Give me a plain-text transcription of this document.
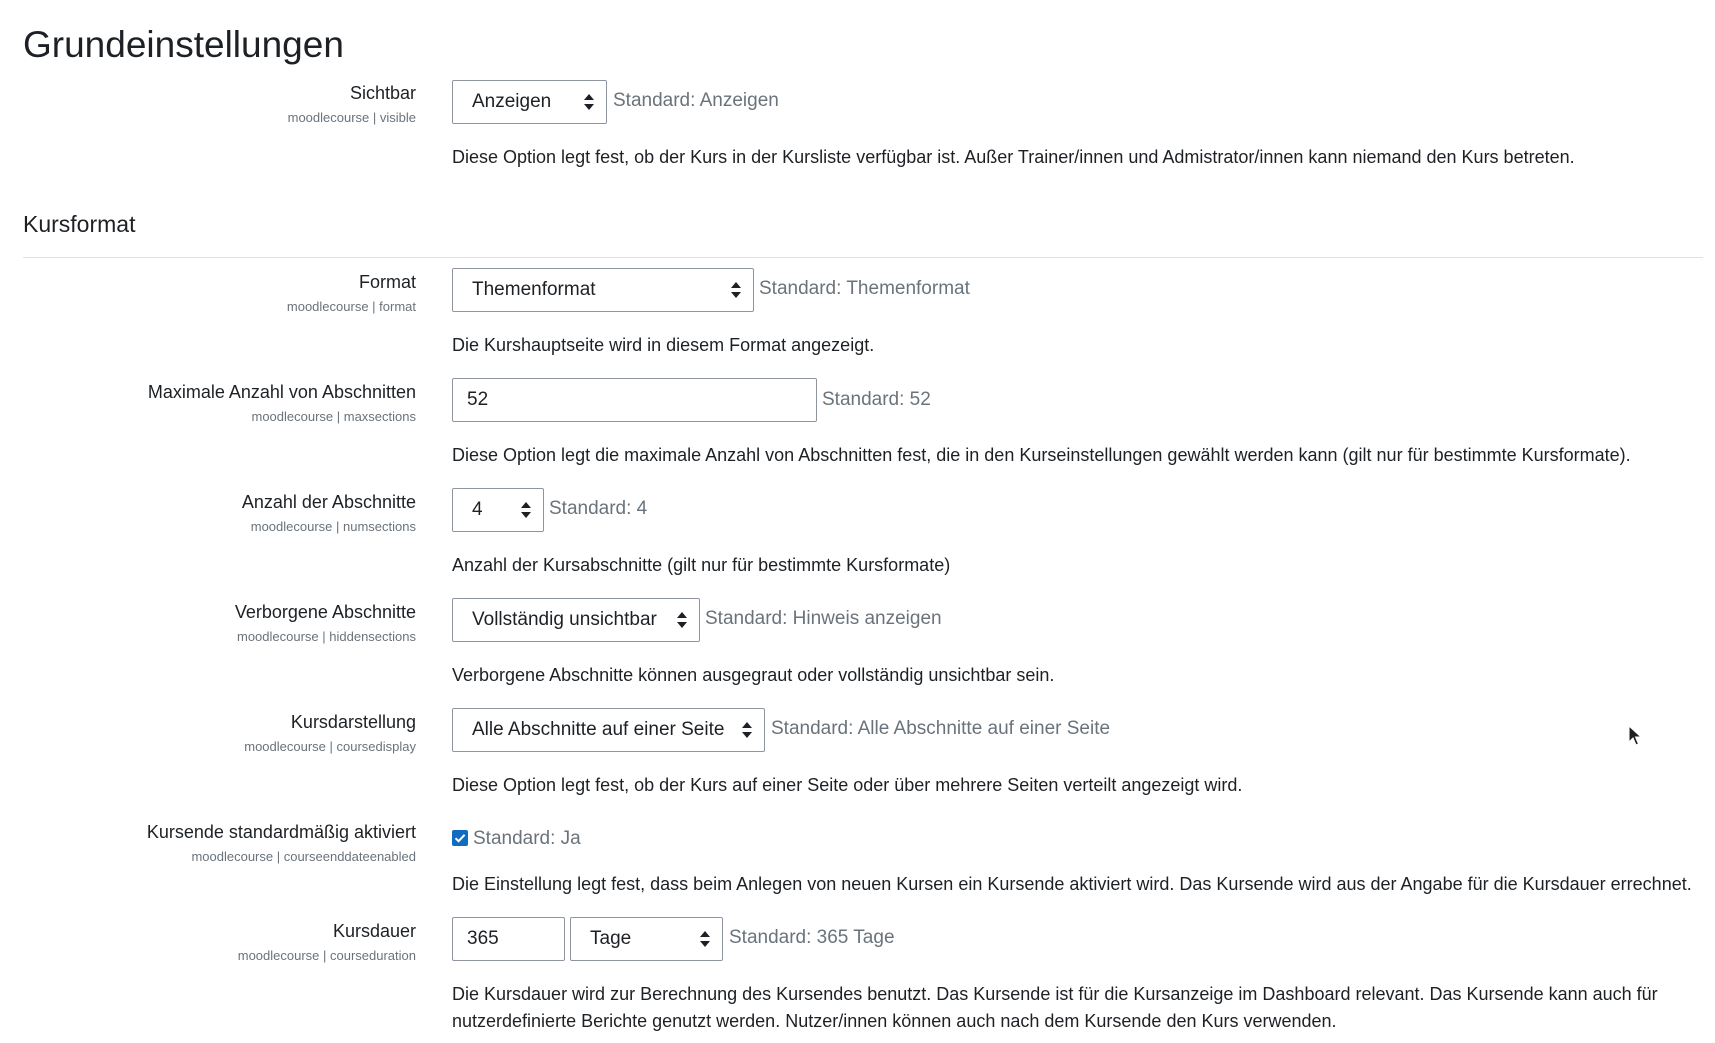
Grundeinstellungen
Sichtbar
moodlecourse | visible
Anzeigen	Standard: Anzeigen
Diese Option legt fest, ob der Kurs in der Kursliste verfügbar ist. Außer Trainer/innen und Admistrator/innen kann niemand den Kurs betreten.
Kursformat
Format
moodlecourse | format
Themenformat	Standard: Themenformat
Die Kurshauptseite wird in diesem Format angezeigt.
Maximale Anzahl von Abschnitten
moodlecourse | maxsections
52	Standard: 52
Diese Option legt die maximale Anzahl von Abschnitten fest, die in den Kurseinstellungen gewählt werden kann (gilt nur für bestimmte Kursformate).
Anzahl der Abschnitte
moodlecourse | numsections
4	Standard: 4
Anzahl der Kursabschnitte (gilt nur für bestimmte Kursformate)
Verborgene Abschnitte
moodlecourse | hiddensections
Vollständig unsichtbar	Standard: Hinweis anzeigen
Verborgene Abschnitte können ausgegraut oder vollständig unsichtbar sein.
Kursdarstellung
moodlecourse | coursedisplay
Alle Abschnitte auf einer Seite	Standard: Alle Abschnitte auf einer Seite
Diese Option legt fest, ob der Kurs auf einer Seite oder über mehrere Seiten verteilt angezeigt wird.
Kursende standardmäßig aktiviert
moodlecourse | courseenddateenabled
Standard: Ja
Die Einstellung legt fest, dass beim Anlegen von neuen Kursen ein Kursende aktiviert wird. Das Kursende wird aus der Angabe für die Kursdauer errechnet.
Kursdauer
moodlecourse | courseduration
365	Tage	Standard: 365 Tage
Die Kursdauer wird zur Berechnung des Kursendes benutzt. Das Kursende ist für die Kursanzeige im Dashboard relevant. Das Kursende kann auch für nutzerdefinierte Berichte genutzt werden. Nutzer/innen können auch nach dem Kursende den Kurs verwenden.
